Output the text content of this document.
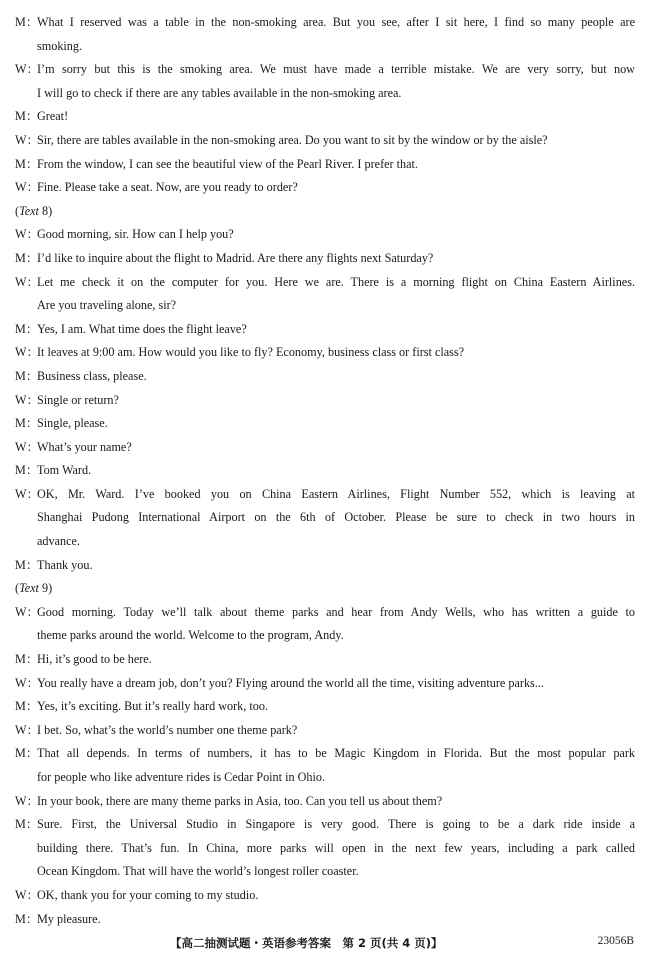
M：
What I reserved was a table in the non-smoking area. But you see, after I sit here, I find so many people are
smoking.
W：
I’m sorry but this is the smoking area. We must have made a terrible mistake. We are very sorry, but now
I will go to check if there are any tables available in the non-smoking area.
M：
Great!
W：
Sir, there are tables available in the non-smoking area. Do you want to sit by the window or by the aisle?
M：
From the window, I can see the beautiful view of the Pearl River. I prefer that.
W：
Fine. Please take a seat. Now, are you ready to order?
(Text 8)
W：
Good morning, sir. How can I help you?
M：
I’d like to inquire about the flight to Madrid. Are there any flights next Saturday?
W：
Let me check it on the computer for you. Here we are. There is a morning flight on China Eastern Airlines.
Are you traveling alone, sir?
M：
Yes, I am. What time does the flight leave?
W：
It leaves at 9:00 am. How would you like to fly? Economy, business class or first class?
M：
Business class, please.
W：
Single or return?
M：
Single, please.
W：
What’s your name?
M：
Tom Ward.
W：
OK, Mr. Ward. I’ve booked you on China Eastern Airlines, Flight Number 552, which is leaving at
Shanghai Pudong International Airport on the 6th of October. Please be sure to check in two hours in
advance.
M：
Thank you.
(Text 9)
W：
Good morning. Today we’ll talk about theme parks and hear from Andy Wells, who has written a guide to
theme parks around the world. Welcome to the program, Andy.
M：
Hi, it’s good to be here.
W：
You really have a dream job, don’t you? Flying around the world all the time, visiting adventure parks...
M：
Yes, it’s exciting. But it’s really hard work, too.
W：
I bet. So, what’s the world’s number one theme park?
M：
That all depends. In terms of numbers, it has to be Magic Kingdom in Florida. But the most popular park
for people who like adventure rides is Cedar Point in Ohio.
W：
In your book, there are many theme parks in Asia, too. Can you tell us about them?
M：
Sure. First, the Universal Studio in Singapore is very good. There is going to be a dark ride inside a
building there. That’s fun. In China, more parks will open in the next few years, including a park called
Ocean Kingdom. That will have the world’s longest roller coaster.
W：
OK, thank you for your coming to my studio.
M：
My pleasure.
【高二抽测试题・英语参考答案　第 2 页(共 4 页)】	23056B
